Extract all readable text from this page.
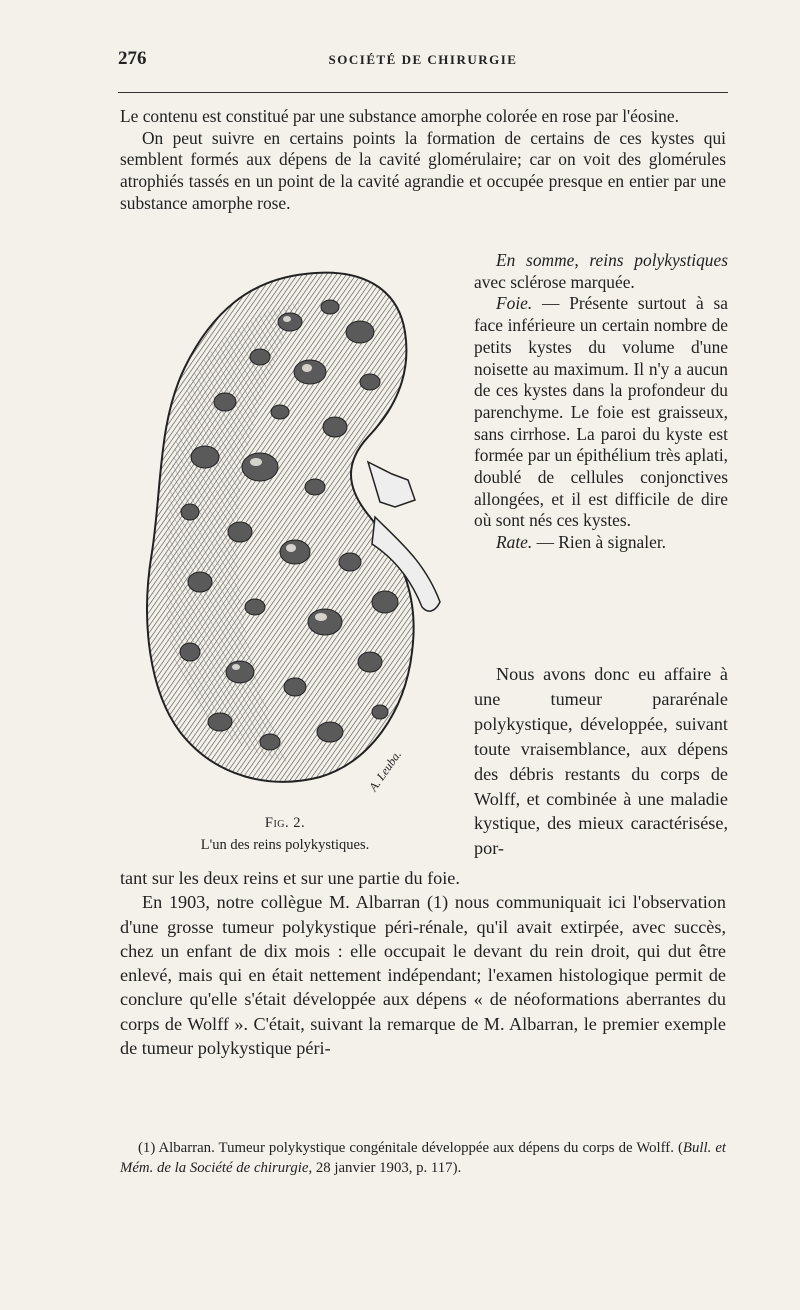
276	SOCIÉTÉ DE CHIRURGIE

Le contenu est constitué par une substance amorphe colorée en rose par l'éosine.

On peut suivre en certains points la formation de certains de ces kystes qui semblent formés aux dépens de la cavité glomérulaire; car on voit des glomérules atrophiés tassés en un point de la cavité agrandie et occupée presque en entier par une substance amorphe rose.

A. Leuba.
Fig. 2.
L'un des reins polykystiques.

En somme, reins polykystiques avec sclérose marquée.

Foie. — Présente surtout à sa face inférieure un certain nombre de petits kystes du volume d'une noisette au maximum. Il n'y a aucun de ces kystes dans la profondeur du parenchyme. Le foie est graisseux, sans cirrhose. La paroi du kyste est formée par un épithélium très aplati, doublé de cellules conjonctives allongées, et il est difficile de dire où sont nés ces kystes.

Rate. — Rien à signaler.

Nous avons donc eu affaire à une tumeur pararénale polykystique, développée, suivant toute vraisemblance, aux dépens des débris restants du corps de Wolff, et combinée à une maladie kystique, des mieux caractérisése, por-

tant sur les deux reins et sur une partie du foie.

En 1903, notre collègue M. Albarran (1) nous communiquait ici l'observation d'une grosse tumeur polykystique péri-rénale, qu'il avait extirpée, avec succès, chez un enfant de dix mois : elle occupait le devant du rein droit, qui dut être enlevé, mais qui en était nettement indépendant; l'examen histologique permit de conclure qu'elle s'était développée aux dépens « de néoformations aberrantes du corps de Wolff ». C'était, suivant la remarque de M. Albarran, le premier exemple de tumeur polykystique péri-

(1) Albarran. Tumeur polykystique congénitale développée aux dépens du corps de Wolff. (Bull. et Mém. de la Société de chirurgie, 28 janvier 1903, p. 117).
